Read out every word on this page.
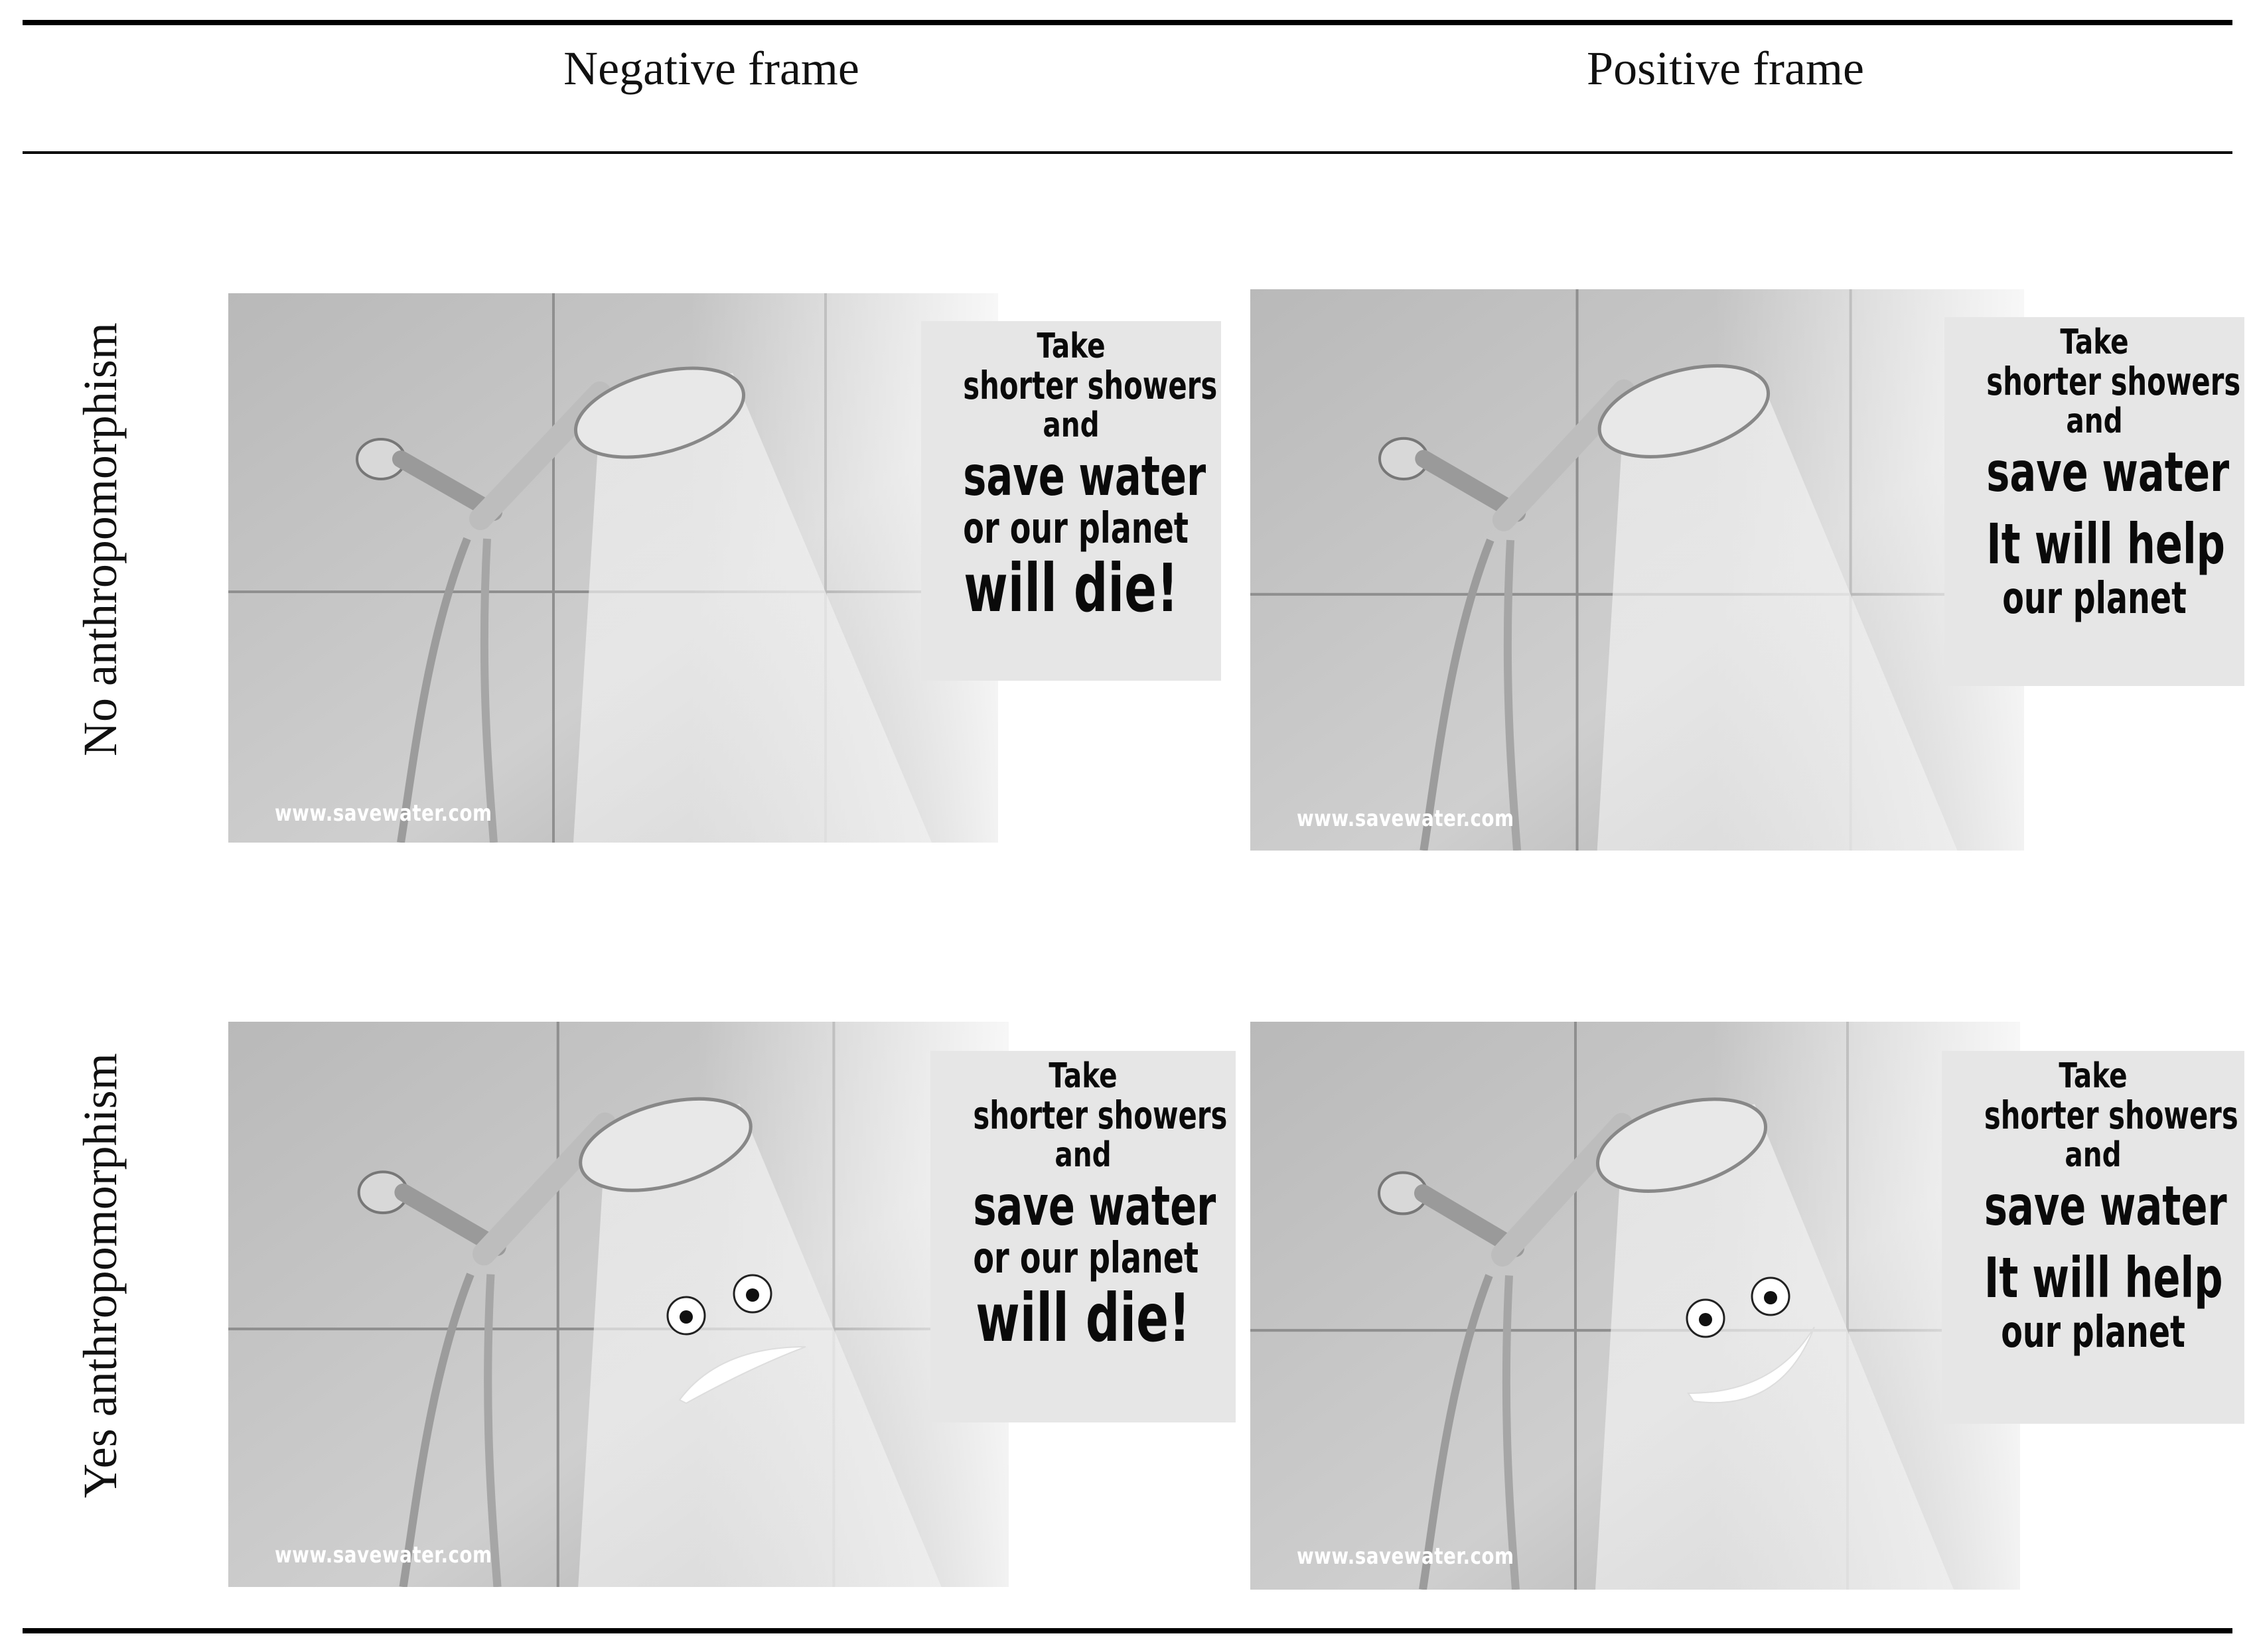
Negative frame	Positive frame
No anthropomorphism
Yes anthropomorphism
www.savewater.com
Take
shorter showers
and
save water
or our planet
will die!
www.savewater.com
Take
shorter showers
and
save water
It will help
our planet
www.savewater.com
Take
shorter showers
and
save water
or our planet
will die!
www.savewater.com
Take
shorter showers
and
save water
It will help
our planet
